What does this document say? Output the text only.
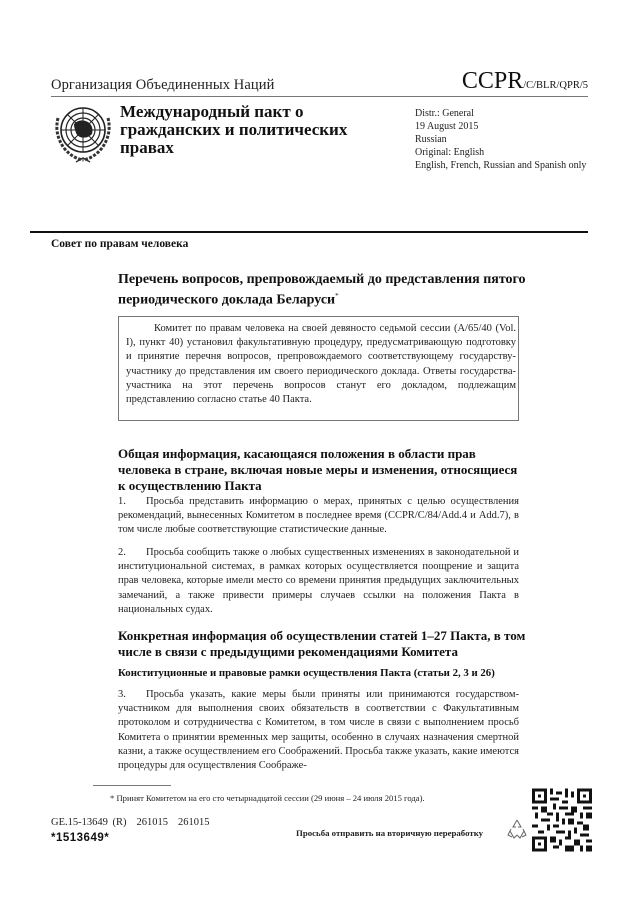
Организация Объединенных Наций	CCPR/C/BLR/QPR/5
Международный пакт о гражданских и политических правах
Distr.: General
19 August 2015
Russian
Original: English
English, French, Russian and Spanish only
Совет по правам человека
Перечень вопросов, препровождаемый до представления пятого периодического доклада Беларуси*
Комитет по правам человека на своей девяносто седьмой сессии (A/65/40 (Vol. I), пункт 40) установил факультативную процедуру, предусматривающую подготовку и принятие перечня вопросов, препровождаемого соответствующему государству-участнику до представления им своего периодического доклада. Ответы государства-участника на этот перечень вопросов станут его докладом, подлежащим представлению согласно статье 40 Пакта.
Общая информация, касающаяся положения в области прав человека в стране, включая новые меры и изменения, относящиеся к осуществлению Пакта
1. Просьба представить информацию о мерах, принятых с целью осуществления рекомендаций, вынесенных Комитетом в последнее время (CCPR/C/84/Add.4 и Add.7), в том числе любые соответствующие статистические данные.
2. Просьба сообщить также о любых существенных изменениях в законодательной и институциональной системах, в рамках которых осуществляется поощрение и защита прав человека, которые имели место со времени принятия предыдущих заключительных замечаний, а также привести примеры случаев ссылки на положения Пакта в национальных судах.
Конкретная информация об осуществлении статей 1–27 Пакта, в том числе в связи с предыдущими рекомендациями Комитета
Конституционные и правовые рамки осуществления Пакта (статьи 2, 3 и 26)
3. Просьба указать, какие меры были приняты или принимаются государством-участником для выполнения своих обязательств в соответствии с Факультативным протоколом и сотрудничества с Комитетом, в том числе в связи с выполнением просьб Комитета о принятии временных мер защиты, особенно в случаях назначения смертной казни, а также осуществлением его Соображений. Просьба также указать, какие имеются процедуры для осуществления Соображе-
* Принят Комитетом на его сто четырнадцатой сессии (29 июня – 24 июля 2015 года).
GE.15-13649 (R) 261015 261015
*1513649*	Просьба отправить на вторичную переработку
